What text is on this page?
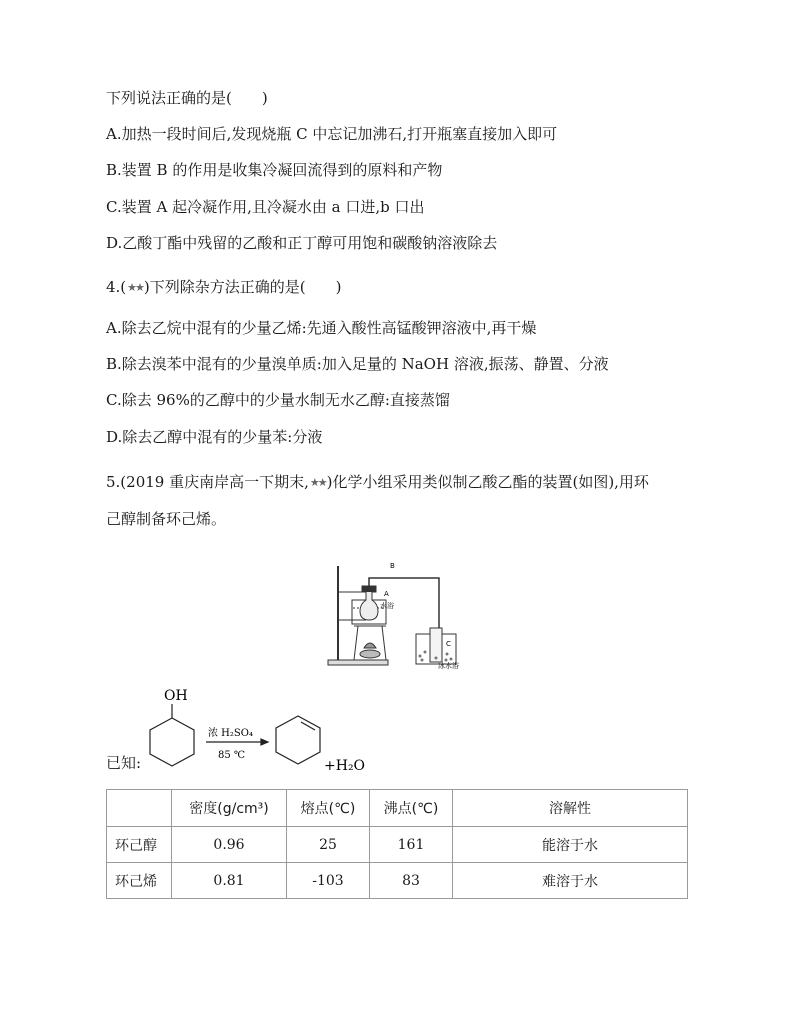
下列说法正确的是(　　)
A.加热一段时间后,发现烧瓶 C 中忘记加沸石,打开瓶塞直接加入即可
B.装置 B 的作用是收集冷凝回流得到的原料和产物
C.装置 A 起冷凝作用,且冷凝水由 a 口进,b 口出
D.乙酸丁酯中残留的乙酸和正丁醇可用饱和碳酸钠溶液除去
4.(★★)下列除杂方法正确的是(　　)
A.除去乙烷中混有的少量乙烯:先通入酸性高锰酸钾溶液中,再干燥
B.除去溴苯中混有的少量溴单质:加入足量的 NaOH 溶液,振荡、静置、分液
C.除去 96%的乙醇中的少量水制无水乙醇:直接蒸馏
D.除去乙醇中混有的少量苯:分液
5.(2019 重庆南岸高一下期末,★★)化学小组采用类似制乙酸乙酯的装置(如图),用环
己醇制备环己烯。
B
A
水浴
C
冰水浴
已知:
OH
浓 H₂SO₄
85 ℃
+H₂O
	密度(g/cm³)	熔点(℃)	沸点(℃)	溶解性
环己醇	0.96	25	161	能溶于水
环己烯	0.81	-103	83	难溶于水
